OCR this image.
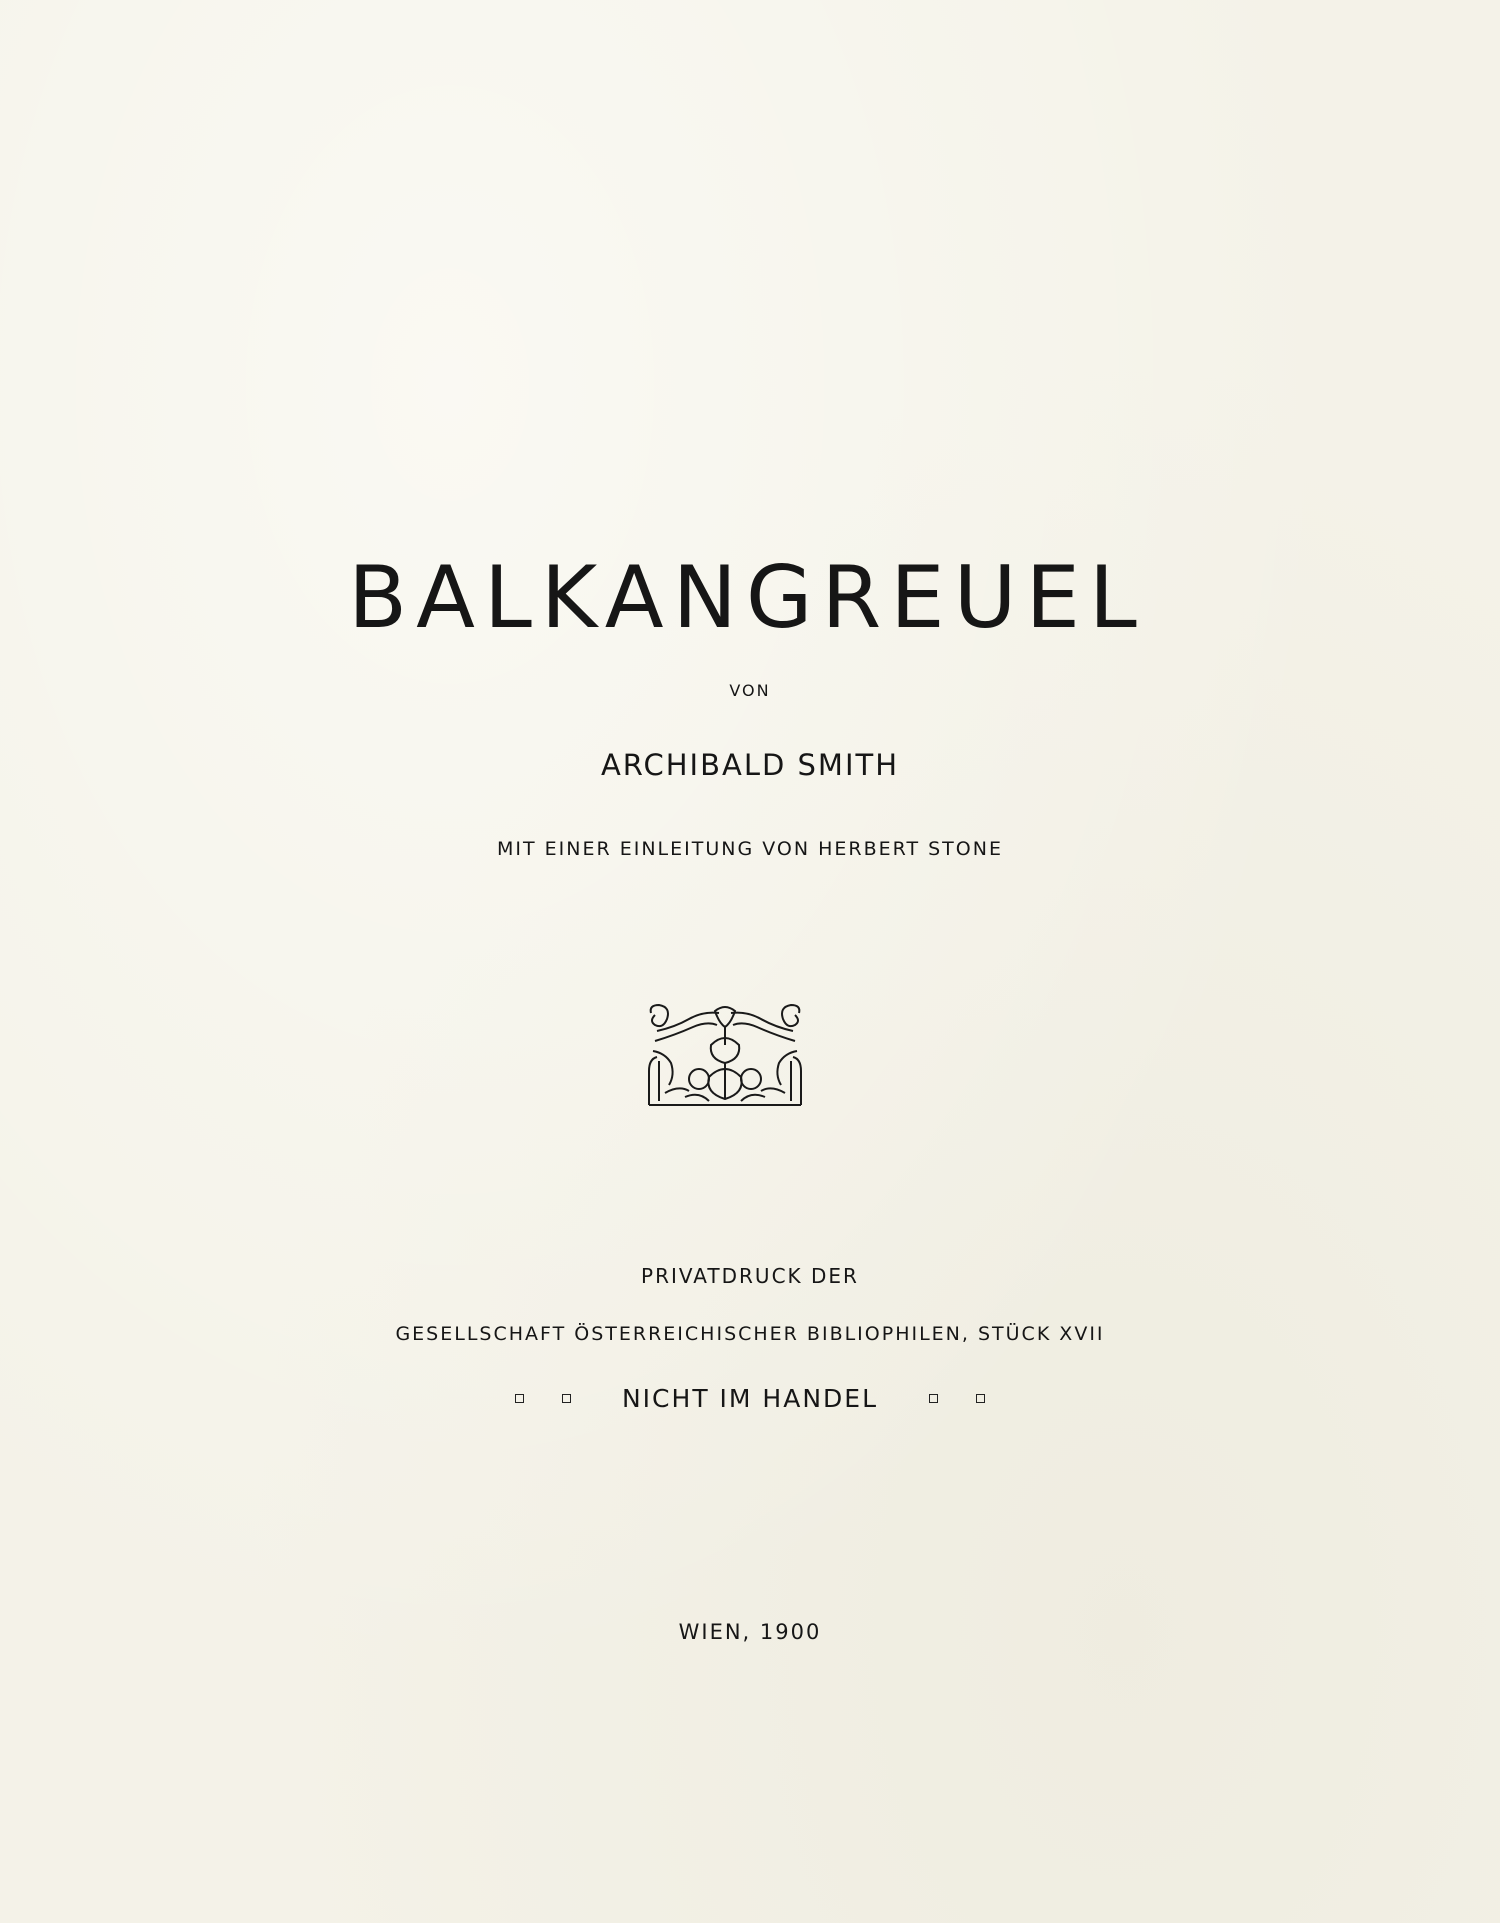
BALKANGREUEL
VON
ARCHIBALD SMITH
MIT EINER EINLEITUNG VON HERBERT STONE
PRIVATDRUCK DER
GESELLSCHAFT ÖSTERREICHISCHER BIBLIOPHILEN, STÜCK XVII
NICHT IM HANDEL
WIEN, 1900
